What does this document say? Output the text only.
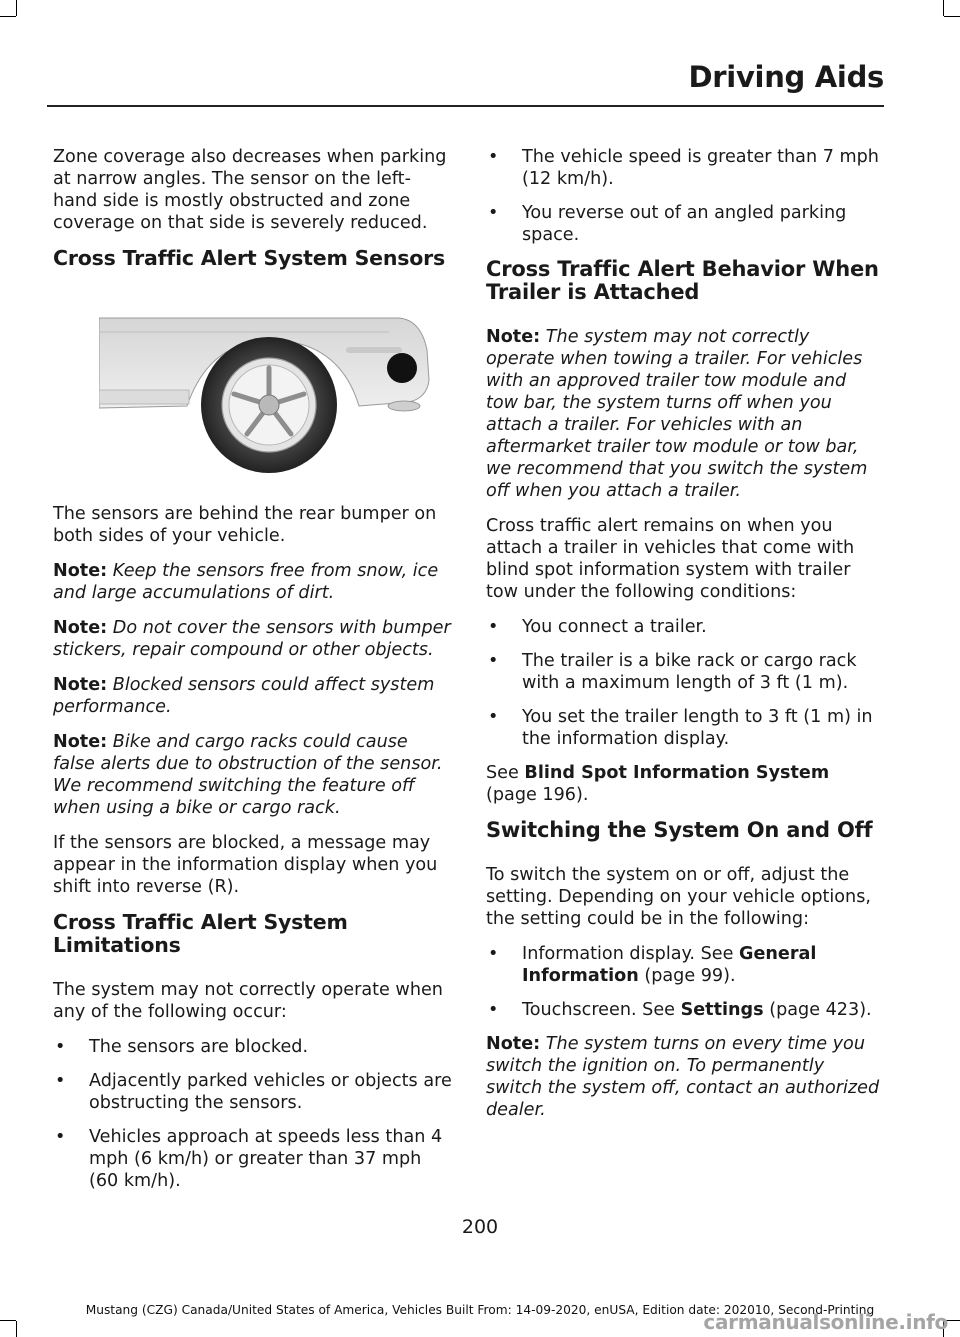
Driving Aids

Zone coverage also decreases when parking at narrow angles. The sensor on the left-hand side is mostly obstructed and zone coverage on that side is severely reduced.

Cross Traffic Alert System Sensors

The sensors are behind the rear bumper on both sides of your vehicle.

Note: Keep the sensors free from snow, ice and large accumulations of dirt.

Note: Do not cover the sensors with bumper stickers, repair compound or other objects.

Note: Blocked sensors could affect system performance.

Note: Bike and cargo racks could cause false alerts due to obstruction of the sensor. We recommend switching the feature off when using a bike or cargo rack.

If the sensors are blocked, a message may appear in the information display when you shift into reverse (R).

Cross Traffic Alert System Limitations

The system may not correctly operate when any of the following occur:

• The sensors are blocked.
• Adjacently parked vehicles or objects are obstructing the sensors.
• Vehicles approach at speeds less than 4 mph (6 km/h) or greater than 37 mph (60 km/h).
• The vehicle speed is greater than 7 mph (12 km/h).
• You reverse out of an angled parking space.
Cross Traffic Alert Behavior When Trailer is Attached

Note: The system may not correctly operate when towing a trailer. For vehicles with an approved trailer tow module and tow bar, the system turns off when you attach a trailer. For vehicles with an aftermarket trailer tow module or tow bar, we recommend that you switch the system off when you attach a trailer.

Cross traffic alert remains on when you attach a trailer in vehicles that come with blind spot information system with trailer tow under the following conditions:

• You connect a trailer.
• The trailer is a bike rack or cargo rack with a maximum length of 3 ft (1 m).
• You set the trailer length to 3 ft (1 m) in the information display.

See Blind Spot Information System (page 196).

Switching the System On and Off

To switch the system on or off, adjust the setting. Depending on your vehicle options, the setting could be in the following:

• Information display. See General Information (page 99).
• Touchscreen. See Settings (page 423).

Note: The system turns on every time you switch the ignition on. To permanently switch the system off, contact an authorized dealer.

200
Mustang (CZG) Canada/United States of America, Vehicles Built From: 14-09-2020, enUSA, Edition date: 202010, Second-Printing
carmanualsonline.info
